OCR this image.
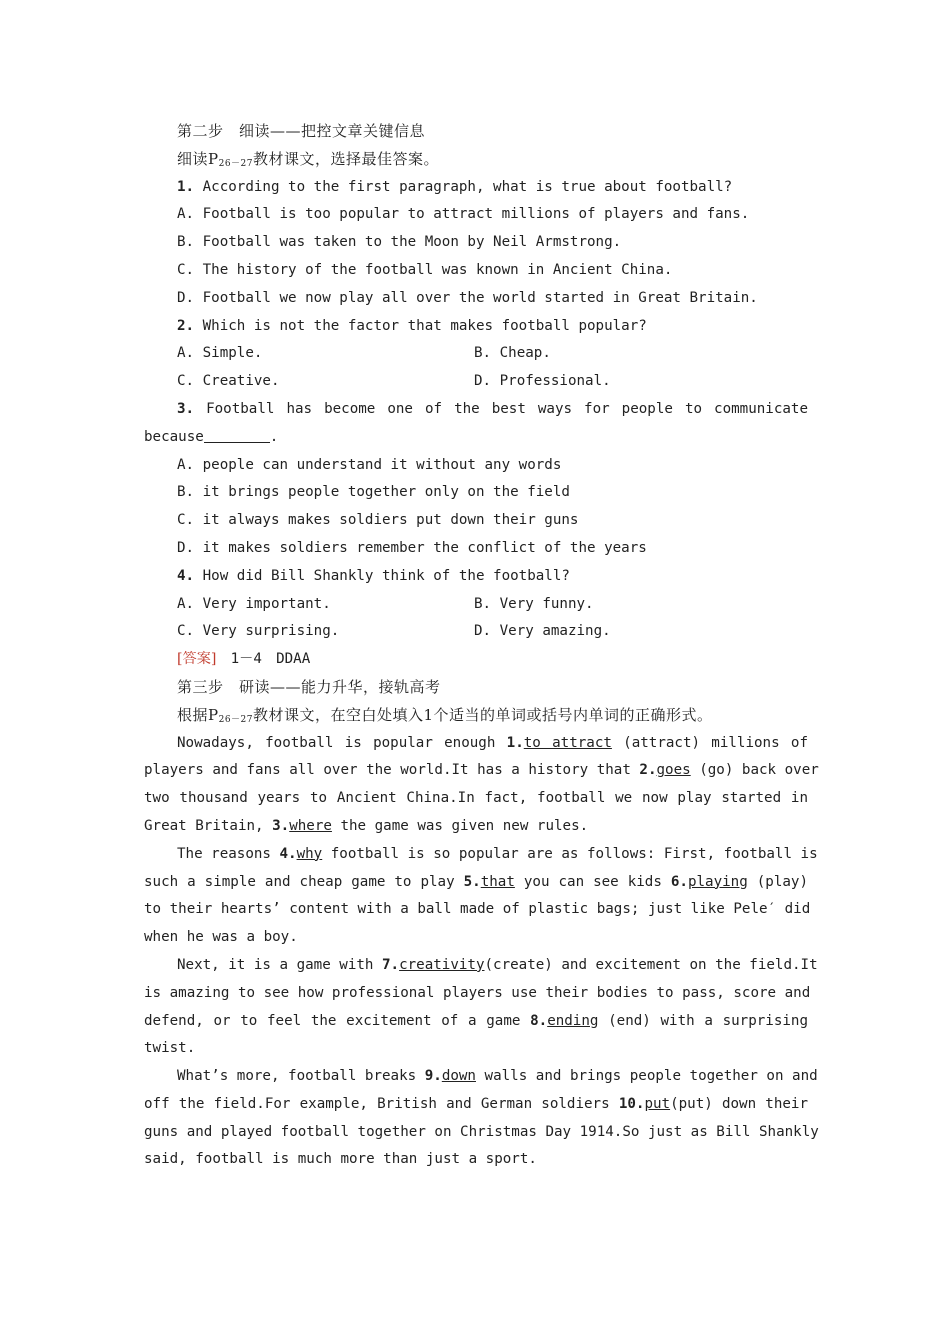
第二步　细读——把控文章关键信息
细读$P_{26-27}$教材课文，选择最佳答案。
1. According to the first paragraph, what is true about football?
A. Football is too popular to attract millions of players and fans.
B. Football was taken to the Moon by Neil Armstrong.
C. The history of the football was known in Ancient China.
D. Football we now play all over the world started in Great Britain.
2. Which is not the factor that makes football popular?
A. Simple.	B. Cheap.
C. Creative.	D. Professional.
3. Football has become one of the best ways for people to communicate
because	.
A. people can understand it without any words
B. it brings people together only on the field
C. it always makes soldiers put down their guns
D. it makes soldiers remember the conflict of the years
4. How did Bill Shankly think of the football?
A. Very important.	B. Very funny.
C. Very surprising.	D. Very amazing.
[答案]　1－4　DDAA
第三步　研读——能力升华，接轨高考
根据$P_{26-27}$教材课文，在空白处填入1个适当的单词或括号内单词的正确形式。
Nowadays, football is popular enough 1.to attract (attract) millions of
players and fans all over the world.It has a history that 2.goes (go) back over
two thousand years to Ancient China.In fact, football we now play started in
Great Britain, 3.where the game was given new rules.
The reasons 4.why football is so popular are as follows: First, football is
such a simple and cheap game to play 5.that you can see kids 6.playing (play)
to their hearts’ content with a ball made of plastic bags; just like Pele′ did
when he was a boy.
Next, it is a game with 7.creativity(create) and excitement on the field.It
is amazing to see how professional players use their bodies to pass, score and
defend, or to feel the excitement of a game 8.ending (end) with a surprising
twist.
What’s more, football breaks 9.down walls and brings people together on and
off the field.For example, British and German soldiers 10.put(put) down their
guns and played football together on Christmas Day 1914.So just as Bill Shankly
said, football is much more than just a sport.
